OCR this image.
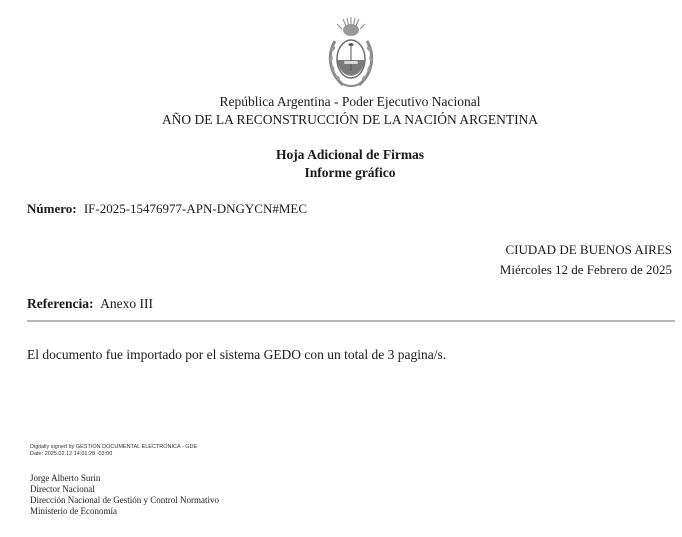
República Argentina - Poder Ejecutivo Nacional
AÑO DE LA RECONSTRUCCIÓN DE LA NACIÓN ARGENTINA
Hoja Adicional de Firmas
Informe gráfico
Número: IF-2025-15476977-APN-DNGYCN#MEC
CIUDAD DE BUENOS AIRES
Miércoles 12 de Febrero de 2025
Referencia: Anexo III
El documento fue importado por el sistema GEDO con un total de 3 pagina/s.
Digitally signed by GESTION DOCUMENTAL ELECTRONICA - GDE
Date: 2025.02.12 14:01:28 -03:00
Jorge Alberto Surin
Director Nacional
Dirección Nacional de Gestión y Control Normativo
Ministerio de Economía
